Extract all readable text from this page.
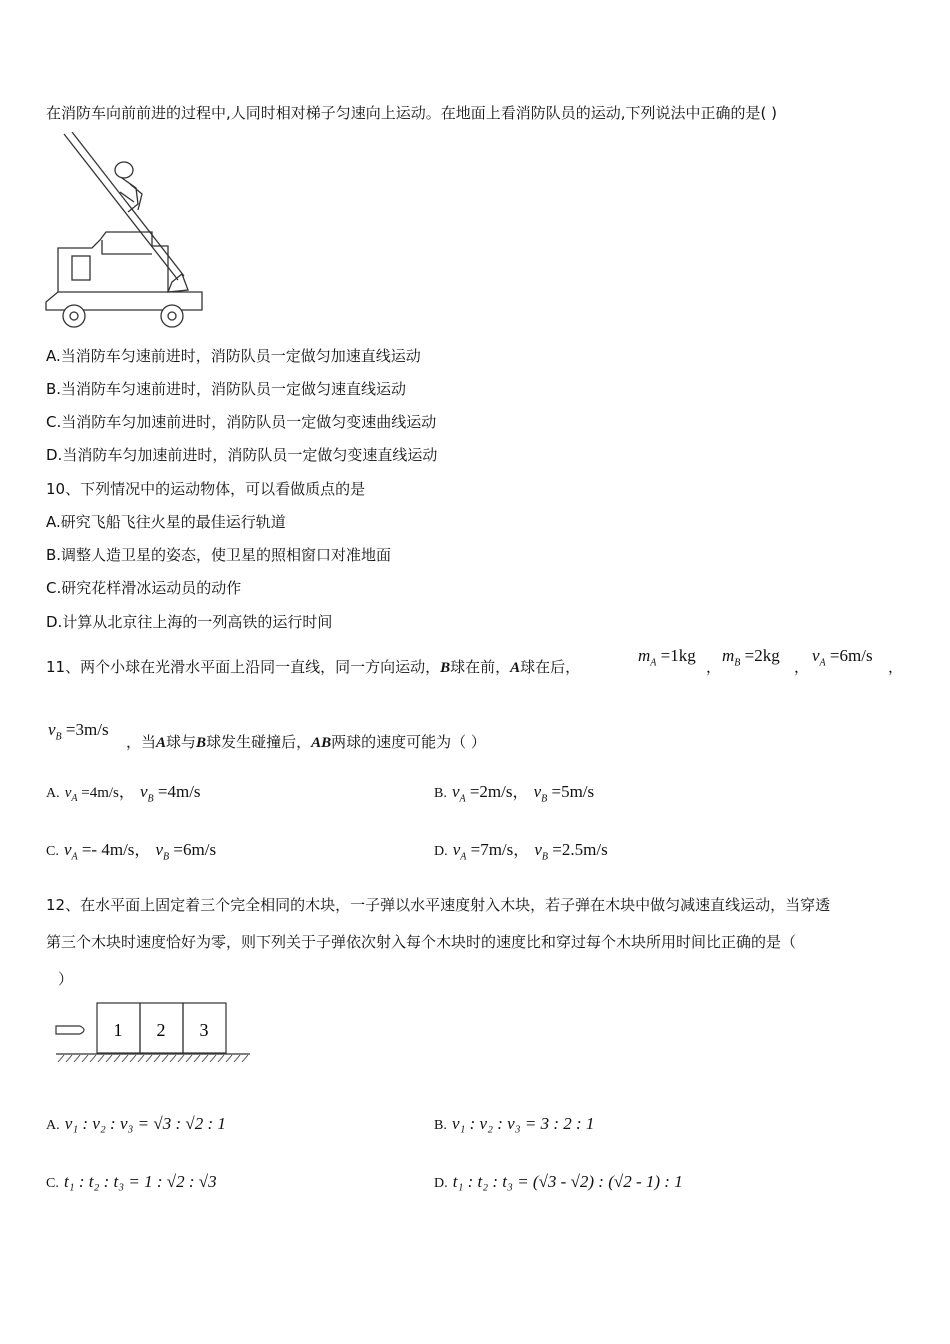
在消防车向前前进的过程中,人同时相对梯子匀速向上运动。在地面上看消防队员的运动,下列说法中正确的是( )
A.当消防车匀速前进时，消防队员一定做匀加速直线运动
B.当消防车匀速前进时，消防队员一定做匀速直线运动
C.当消防车匀加速前进时，消防队员一定做匀变速曲线运动
D.当消防车匀加速前进时，消防队员一定做匀变速直线运动
10、下列情况中的运动物体，可以看做质点的是
A.研究飞船飞往火星的最佳运行轨道
B.调整人造卫星的姿态，使卫星的照相窗口对准地面
C.研究花样滑冰运动员的动作
D.计算从北京往上海的一列高铁的运行时间
11、两个小球在光滑水平面上沿同一直线，同一方向运动，B球在前，A球在后，
$m_A =1kg$
，
$m_B =2kg$
，
$v_A =6m/s$
，
$v_B =3m/s$
，当A球与B球发生碰撞后，AB两球的速度可能为（ ）
A. $v_A =4m/s$， $v_B =4m/s$	B. $v_A =2m/s$， $v_B =5m/s$
C. $v_A =- 4m/s$， $v_B =6m/s$	D. $v_A =7m/s$， $v_B =2.5m/s$
12、在水平面上固定着三个完全相同的木块，一子弹以水平速度射入木块，若子弹在木块中做匀减速直线运动，当穿透
第三个木块时速度恰好为零，则下列关于子弹依次射入每个木块时的速度比和穿过每个木块所用时间比正确的是（
）
1 2 3
A. v₁ : v₂ : v₃ = √3 : √2 : 1	B. v₁ : v₂ : v₃ = 3 : 2 : 1
C. t₁ : t₂ : t₃ = 1 : √2 : √3	D. t₁ : t₂ : t₃ = (√3 - √2) : (√2 - 1) : 1
